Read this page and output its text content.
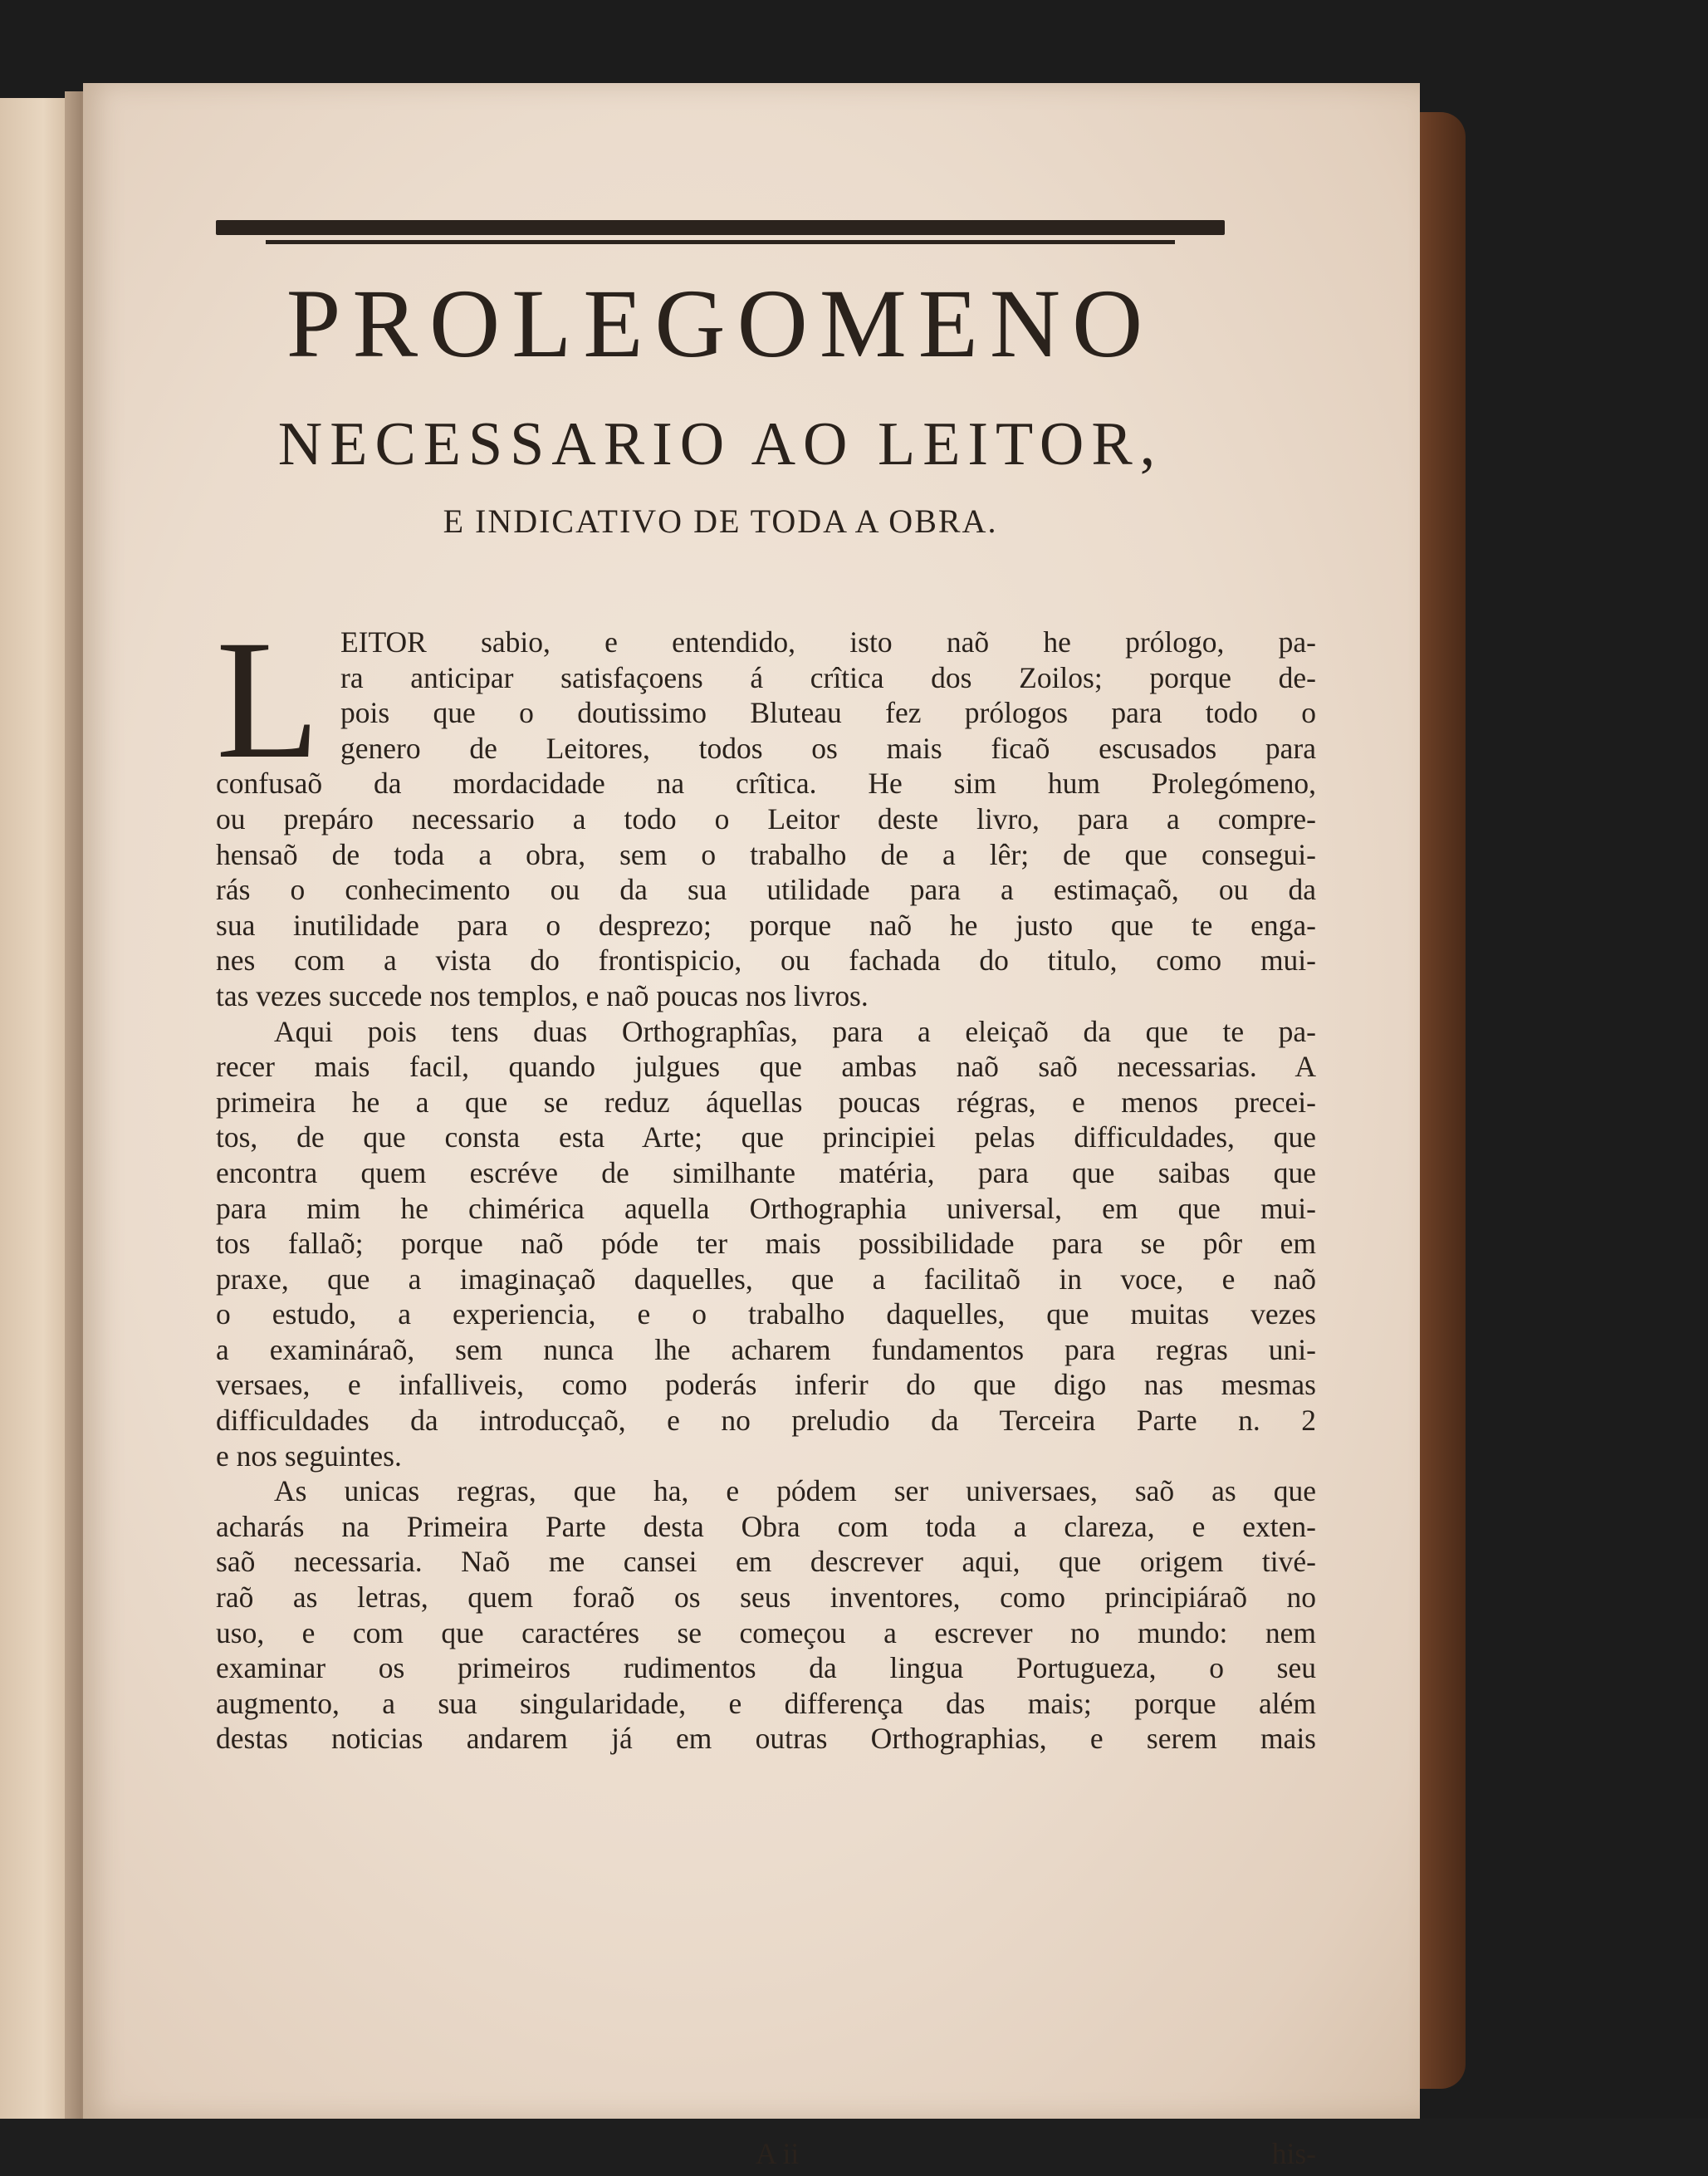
PROLEGOMENO
NECESSARIO AO LEITOR,
E INDICATIVO DE TODA A OBRA.
L EITOR sabio, e entendido, isto naõ he prólogo, pa-
ra anticipar satisfaçoens á crîtica dos Zoilos; porque de-
pois que o doutissimo Bluteau fez prólogos para todo o
genero de Leitores, todos os mais ficaõ escusados para
confusaõ da mordacidade na crîtica. He sim hum Prolegómeno,
ou prepáro necessario a todo o Leitor deste livro, para a compre-
hensaõ de toda a obra, sem o trabalho de a lêr; de que consegui-
rás o conhecimento ou da sua utilidade para a estimaçaõ, ou da
sua inutilidade para o desprezo; porque naõ he justo que te enga-
nes com a vista do frontispicio, ou fachada do titulo, como mui-
tas vezes succede nos templos, e naõ poucas nos livros.
Aqui pois tens duas Orthographîas, para a eleiçaõ da que te pa-
recer mais facil, quando julgues que ambas naõ saõ necessarias. A
primeira he a que se reduz áquellas poucas régras, e menos precei-
tos, de que consta esta Arte; que principiei pelas difficuldades, que
encontra quem escréve de similhante matéria, para que saibas que
para mim he chimérica aquella Orthographia universal, em que mui-
tos fallaõ; porque naõ póde ter mais possibilidade para se pôr em
praxe, que a imaginaçaõ daquelles, que a facilitaõ in voce, e naõ
o estudo, a experiencia, e o trabalho daquelles, que muitas vezes
a examináraõ, sem nunca lhe acharem fundamentos para regras uni-
versaes, e infalliveis, como poderás inferir do que digo nas mesmas
difficuldades da introducçaõ, e no preludio da Terceira Parte n. 2
e nos seguintes.
As unicas regras, que ha, e pódem ser universaes, saõ as que
acharás na Primeira Parte desta Obra com toda a clareza, e exten-
saõ necessaria. Naõ me cansei em descrever aqui, que origem tivé-
raõ as letras, quem foraõ os seus inventores, como principiáraõ no
uso, e com que caractéres se começou a escrever no mundo: nem
examinar os primeiros rudimentos da lingua Portugueza, o seu
augmento, a sua singularidade, e differença das mais; porque além
destas noticias andarem já em outras Orthographias, e serem mais
A ii	his-
